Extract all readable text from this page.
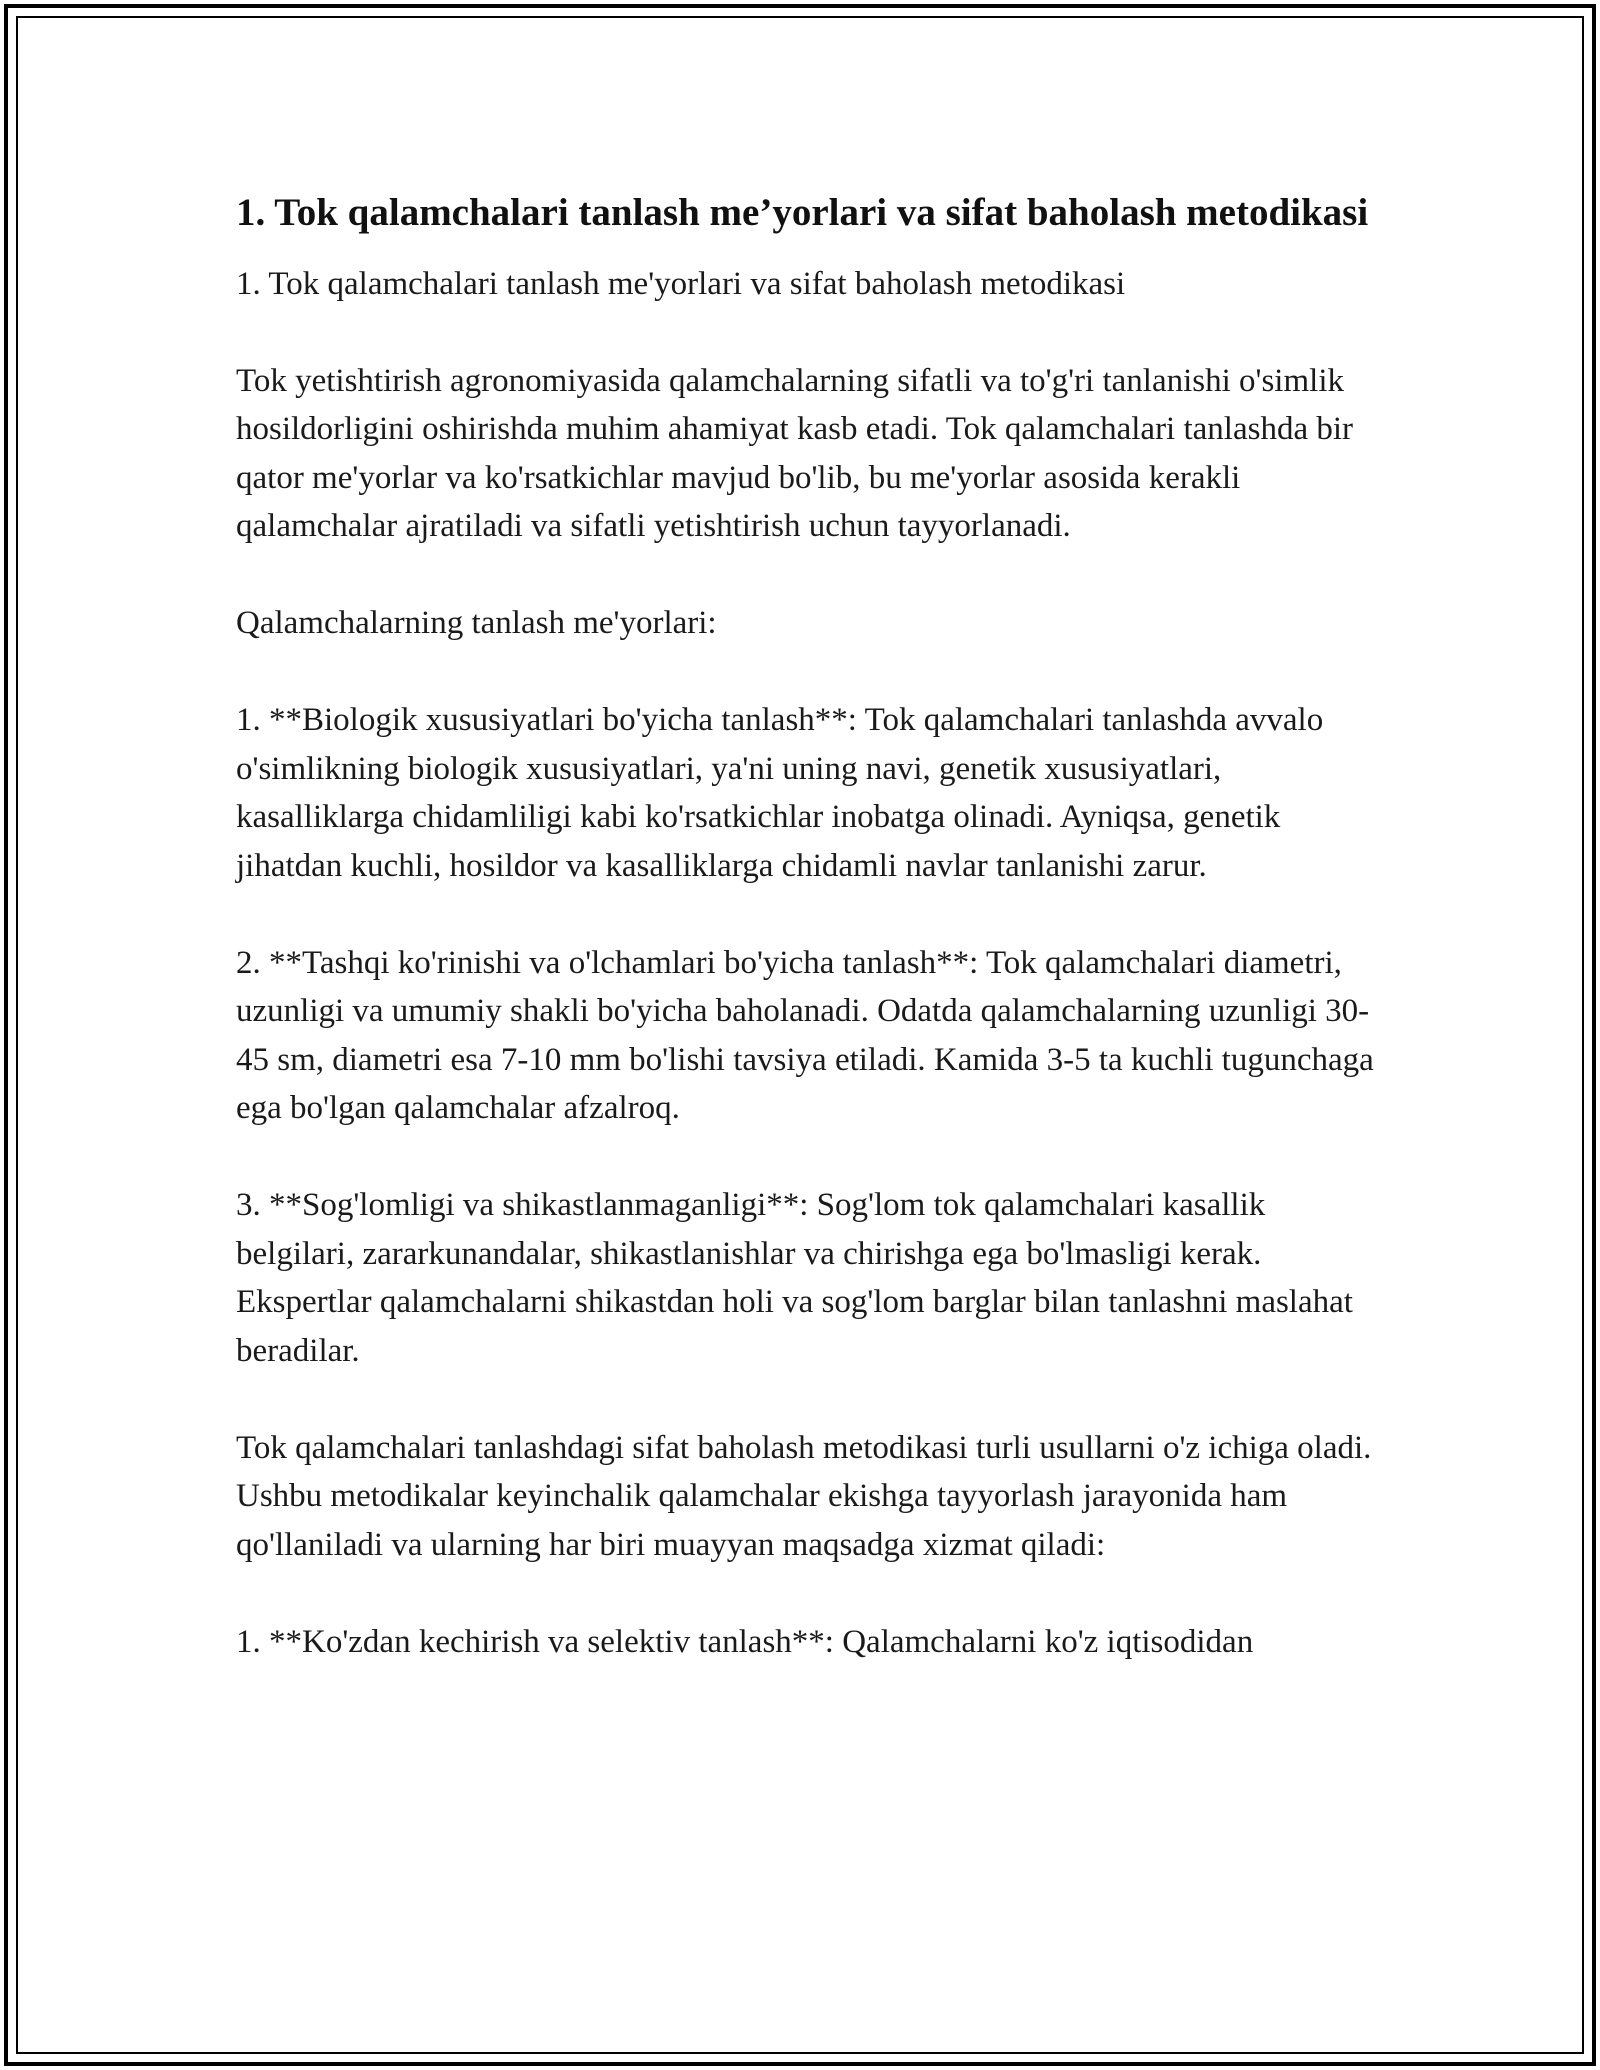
1. Tok qalamchalari tanlash me’yorlari va sifat baholash metodikasi

1. Tok qalamchalari tanlash me'yorlari va sifat baholash metodikasi

Tok yetishtirish agronomiyasida qalamchalarning sifatli va to'g'ri tanlanishi o'simlik hosildorligini oshirishda muhim ahamiyat kasb etadi. Tok qalamchalari tanlashda bir qator me'yorlar va ko'rsatkichlar mavjud bo'lib, bu me'yorlar asosida kerakli qalamchalar ajratiladi va sifatli yetishtirish uchun tayyorlanadi.

Qalamchalarning tanlash me'yorlari:

1. **Biologik xususiyatlari bo'yicha tanlash**: Tok qalamchalari tanlashda avvalo o'simlikning biologik xususiyatlari, ya'ni uning navi, genetik xususiyatlari, kasalliklarga chidamliligi kabi ko'rsatkichlar inobatga olinadi. Ayniqsa, genetik jihatdan kuchli, hosildor va kasalliklarga chidamli navlar tanlanishi zarur.

2. **Tashqi ko'rinishi va o'lchamlari bo'yicha tanlash**: Tok qalamchalari diametri, uzunligi va umumiy shakli bo'yicha baholanadi. Odatda qalamchalarning uzunligi 30-45 sm, diametri esa 7-10 mm bo'lishi tavsiya etiladi. Kamida 3-5 ta kuchli tugunchaga ega bo'lgan qalamchalar afzalroq.

3. **Sog'lomligi va shikastlanmaganligi**: Sog'lom tok qalamchalari kasallik belgilari, zararkunandalar, shikastlanishlar va chirishga ega bo'lmasligi kerak. Ekspertlar qalamchalarni shikastdan holi va sog'lom barglar bilan tanlashni maslahat beradilar.

Tok qalamchalari tanlashdagi sifat baholash metodikasi turli usullarni o'z ichiga oladi. Ushbu metodikalar keyinchalik qalamchalar ekishga tayyorlash jarayonida ham qo'llaniladi va ularning har biri muayyan maqsadga xizmat qiladi:

1. **Ko'zdan kechirish va selektiv tanlash**: Qalamchalarni ko'z iqtisodidan
